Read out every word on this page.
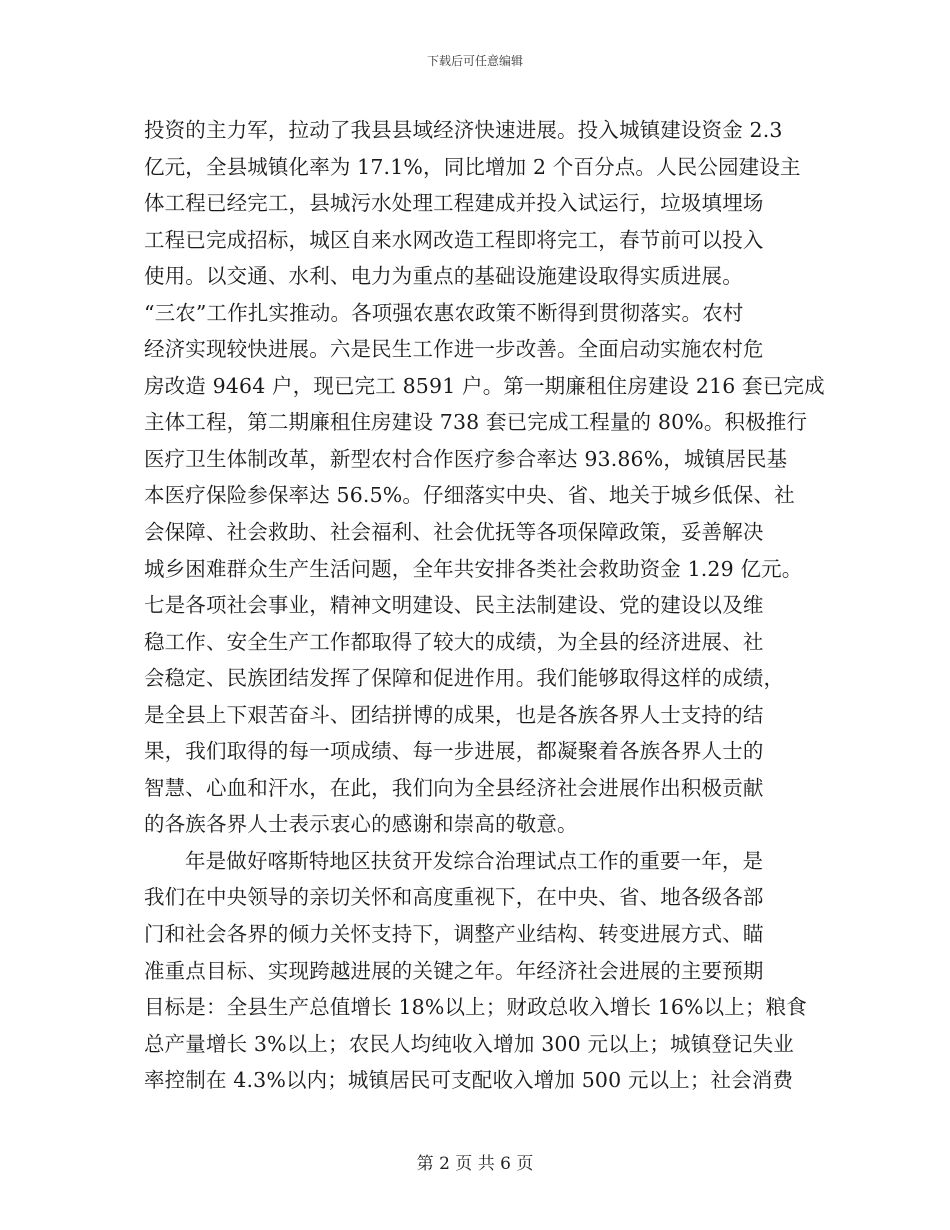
下载后可任意编辑
投资的主力军，拉动了我县县域经济快速进展。投入城镇建设资金 2.3
亿元，全县城镇化率为 17.1%，同比增加 2 个百分点。人民公园建设主
体工程已经完工，县城污水处理工程建成并投入试运行，垃圾填埋场
工程已完成招标，城区自来水网改造工程即将完工，春节前可以投入
使用。以交通、水利、电力为重点的基础设施建设取得实质进展。
“三农”工作扎实推动。各项强农惠农政策不断得到贯彻落实。农村
经济实现较快进展。六是民生工作进一步改善。全面启动实施农村危
房改造 9464 户，现已完工 8591 户。第一期廉租住房建设 216 套已完成
主体工程，第二期廉租住房建设 738 套已完成工程量的 80%。积极推行
医疗卫生体制改革，新型农村合作医疗参合率达 93.86%，城镇居民基
本医疗保险参保率达 56.5%。仔细落实中央、省、地关于城乡低保、社
会保障、社会救助、社会福利、社会优抚等各项保障政策，妥善解决
城乡困难群众生产生活问题，全年共安排各类社会救助资金 1.29 亿元。
七是各项社会事业，精神文明建设、民主法制建设、党的建设以及维
稳工作、安全生产工作都取得了较大的成绩，为全县的经济进展、社
会稳定、民族团结发挥了保障和促进作用。我们能够取得这样的成绩，
是全县上下艰苦奋斗、团结拼博的成果，也是各族各界人士支持的结
果，我们取得的每一项成绩、每一步进展，都凝聚着各族各界人士的
智慧、心血和汗水，在此，我们向为全县经济社会进展作出积极贡献
的各族各界人士表示衷心的感谢和崇高的敬意。
年是做好喀斯特地区扶贫开发综合治理试点工作的重要一年，是
我们在中央领导的亲切关怀和高度重视下，在中央、省、地各级各部
门和社会各界的倾力关怀支持下，调整产业结构、转变进展方式、瞄
准重点目标、实现跨越进展的关键之年。年经济社会进展的主要预期
目标是：全县生产总值增长 18%以上；财政总收入增长 16%以上；粮食
总产量增长 3%以上；农民人均纯收入增加 300 元以上；城镇登记失业
率控制在 4.3%以内；城镇居民可支配收入增加 500 元以上；社会消费
第 2 页 共 6 页
